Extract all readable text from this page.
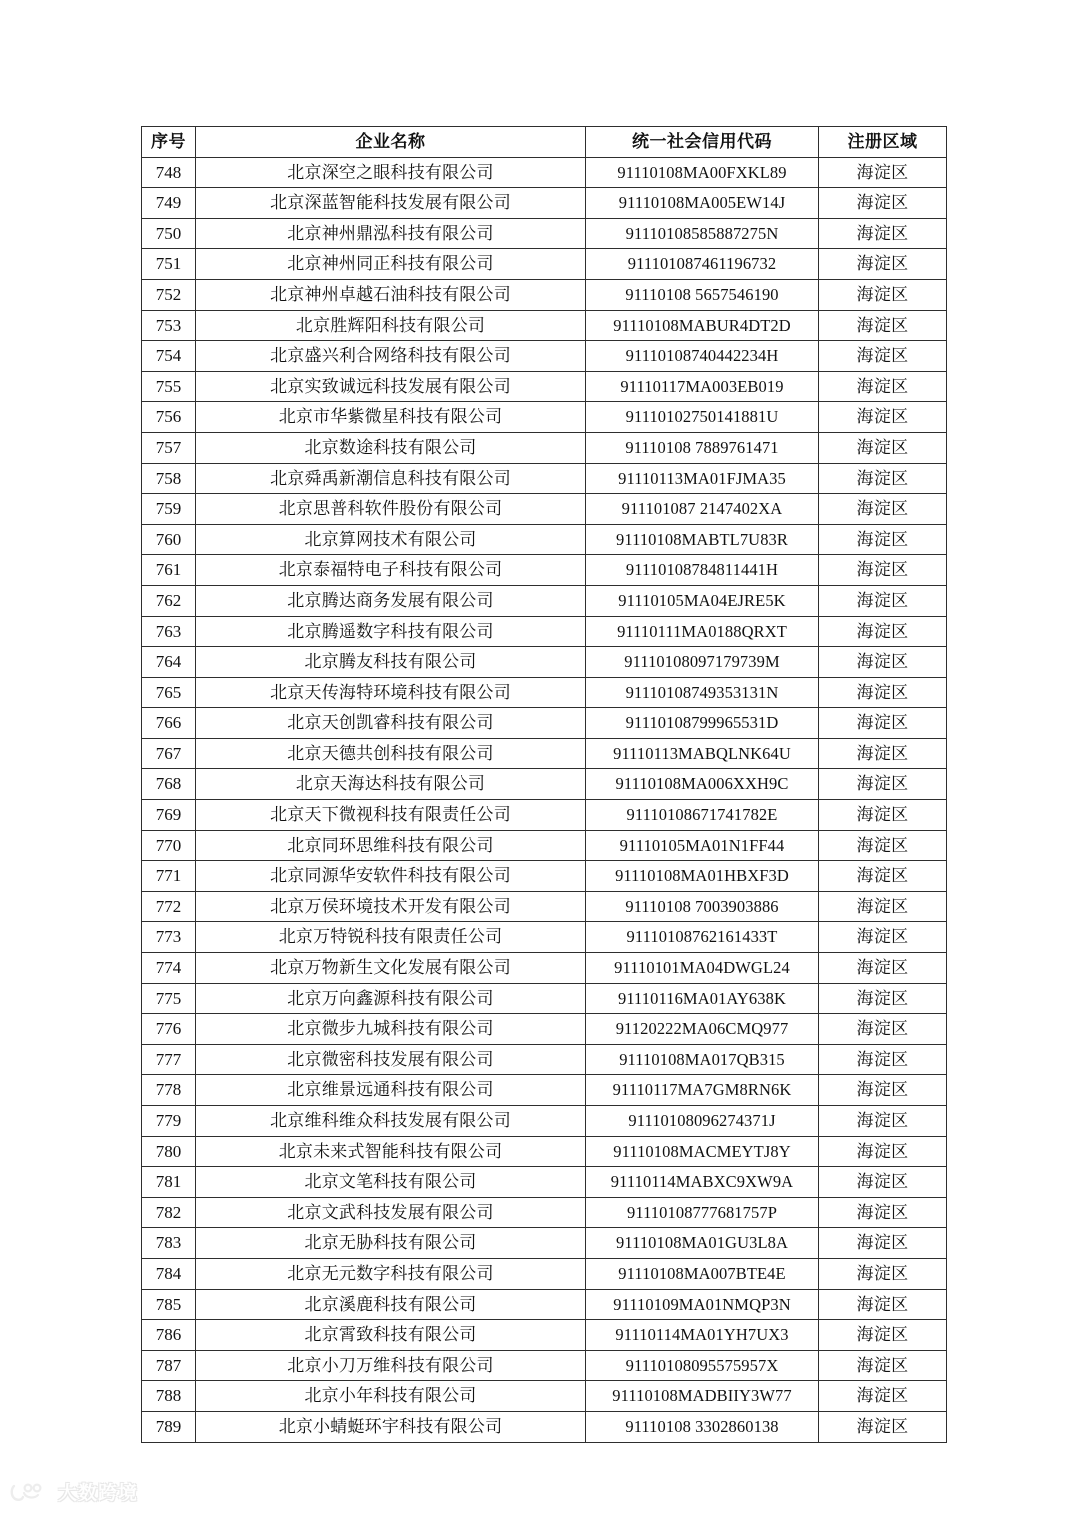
序号	企业名称	统一社会信用代码	注册区域
748	北京深空之眼科技有限公司	91110108MA00FXKL89	海淀区
749	北京深蓝智能科技发展有限公司	91110108MA005EW14J	海淀区
750	北京神州鼎泓科技有限公司	91110108585887275N	海淀区
751	北京神州同正科技有限公司	911101087461196732	海淀区
752	北京神州卓越石油科技有限公司	91110108 5657546190	海淀区
753	北京胜辉阳科技有限公司	91110108MABUR4DT2D	海淀区
754	北京盛兴利合网络科技有限公司	91110108740442234H	海淀区
755	北京实致诚远科技发展有限公司	91110117MA003EB019	海淀区
756	北京市华紫微星科技有限公司	91110102750141881U	海淀区
757	北京数途科技有限公司	91110108 7889761471	海淀区
758	北京舜禹新潮信息科技有限公司	91110113MA01FJMA35	海淀区
759	北京思普科软件股份有限公司	911101087 2147402XA	海淀区
760	北京算网技术有限公司	91110108MABTL7U83R	海淀区
761	北京泰福特电子科技有限公司	91110108784811441H	海淀区
762	北京腾达商务发展有限公司	91110105MA04EJRE5K	海淀区
763	北京腾遥数字科技有限公司	91110111MA0188QRXT	海淀区
764	北京腾友科技有限公司	91110108097179739M	海淀区
765	北京天传海特环境科技有限公司	91110108749353131N	海淀区
766	北京天创凯睿科技有限公司	91110108799965531D	海淀区
767	北京天德共创科技有限公司	91110113MABQLNK64U	海淀区
768	北京天海达科技有限公司	91110108MA006XXH9C	海淀区
769	北京天下微视科技有限责任公司	91110108671741782E	海淀区
770	北京同环思维科技有限公司	91110105MA01N1FF44	海淀区
771	北京同源华安软件科技有限公司	91110108MA01HBXF3D	海淀区
772	北京万侯环境技术开发有限公司	91110108 7003903886	海淀区
773	北京万特锐科技有限责任公司	91110108762161433T	海淀区
774	北京万物新生文化发展有限公司	91110101MA04DWGL24	海淀区
775	北京万向鑫源科技有限公司	91110116MA01AY638K	海淀区
776	北京微步九城科技有限公司	91120222MA06CMQ977	海淀区
777	北京微密科技发展有限公司	91110108MA017QB315	海淀区
778	北京维景远通科技有限公司	91110117MA7GM8RN6K	海淀区
779	北京维科维众科技发展有限公司	91110108096274371J	海淀区
780	北京未来式智能科技有限公司	91110108MACMEYTJ8Y	海淀区
781	北京文笔科技有限公司	91110114MABXC9XW9A	海淀区
782	北京文武科技发展有限公司	91110108777681757P	海淀区
783	北京无胁科技有限公司	91110108MA01GU3L8A	海淀区
784	北京无元数字科技有限公司	91110108MA007BTE4E	海淀区
785	北京溪鹿科技有限公司	91110109MA01NMQP3N	海淀区
786	北京霄致科技有限公司	91110114MA01YH7UX3	海淀区
787	北京小刀万维科技有限公司	91110108095575957X	海淀区
788	北京小年科技有限公司	91110108MADBIIY3W77	海淀区
789	北京小蜻蜓环宇科技有限公司	91110108 3302860138	海淀区
大数跨境
